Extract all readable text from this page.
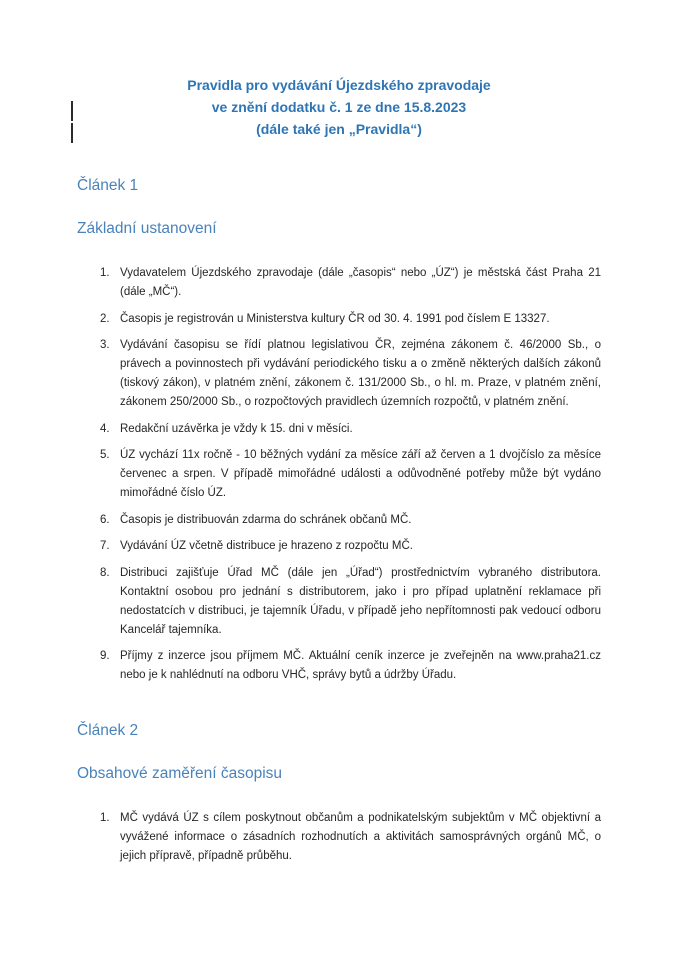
Pravidla pro vydávání Újezdského zpravodaje
ve znění dodatku č. 1 ze dne 15.8.2023
(dále také jen „Pravidla“)
Článek 1
Základní ustanovení
1. Vydavatelem Újezdského zpravodaje (dále „časopis“ nebo „ÚZ“) je městská část Praha 21 (dále „MČ“).
2. Časopis je registrován u Ministerstva kultury ČR od 30. 4. 1991 pod číslem E 13327.
3. Vydávání časopisu se řídí platnou legislativou ČR, zejména zákonem č. 46/2000 Sb., o právech a povinnostech při vydávání periodického tisku a o změně některých dalších zákonů (tiskový zákon), v platném znění, zákonem č. 131/2000 Sb., o hl. m. Praze, v platném znění, zákonem 250/2000 Sb., o rozpočtových pravidlech územních rozpočtů, v platném znění.
4. Redakční uzávěrka je vždy k 15. dni v měsíci.
5. ÚZ vychází 11x ročně - 10 běžných vydání za měsíce září až červen a 1 dvojčíslo za měsíce červenec a srpen. V případě mimořádné události a odůvodněné potřeby může být vydáno mimořádné číslo ÚZ.
6. Časopis je distribuován zdarma do schránek občanů MČ.
7. Vydávání ÚZ včetně distribuce je hrazeno z rozpočtu MČ.
8. Distribuci zajišťuje Úřad MČ (dále jen „Úřad“) prostřednictvím vybraného distributora. Kontaktní osobou pro jednání s distributorem, jako i pro případ uplatnění reklamace při nedostatcích v distribuci, je tajemník Úřadu, v případě jeho nepřítomnosti pak vedoucí odboru Kancelář tajemníka.
9. Příjmy z inzerce jsou příjmem MČ. Aktuální ceník inzerce je zveřejněn na www.praha21.cz nebo je k nahlédnutí na odboru VHČ, správy bytů a údržby Úřadu.
Článek 2
Obsahové zaměření časopisu
1. MČ vydává ÚZ s cílem poskytnout občanům a podnikatelským subjektům v MČ objektivní a vyvážené informace o zásadních rozhodnutích a aktivitách samosprávných orgánů MČ, o jejich přípravě, případně průběhu.
